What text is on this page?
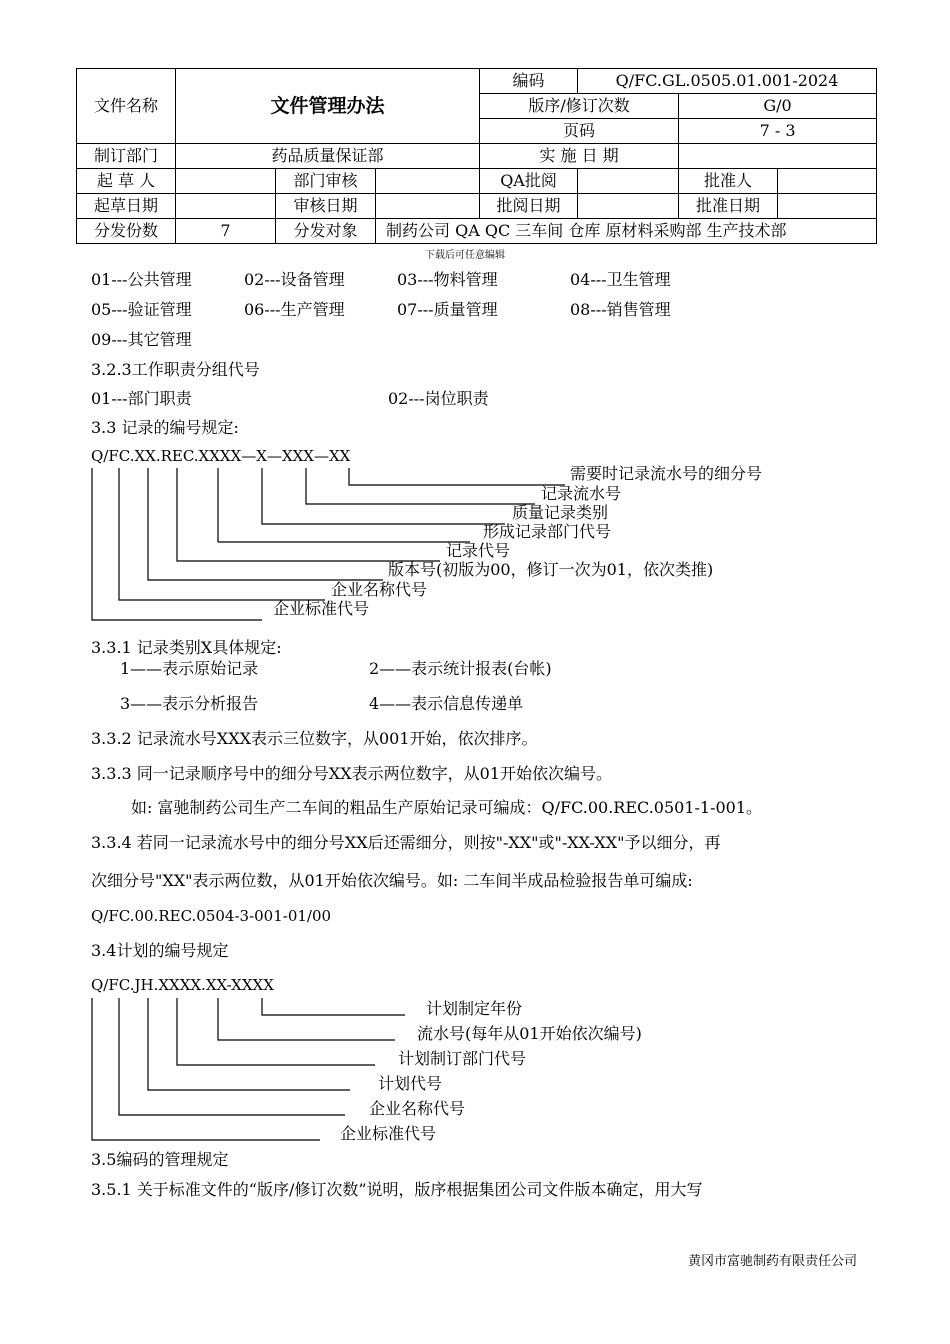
文件名称	文件管理办法			编码	Q/FC.GL.0505.01.001-2024		
				版序/修订次数		G/0	
				页码		7 - 3	
制订部门	药品质量保证部			实 施 日 期			
起 草 人		部门审核		QA批阅		批准人	
起草日期		审核日期		批阅日期		批准日期	
分发份数	7	分发对象	制药公司 QA QC 三车间 仓库 原材料采购部 生产技术部				
下载后可任意编辑
01---公共管理	02---设备管理	03---物料管理	04---卫生管理
05---验证管理	06---生产管理	07---质量管理	08---销售管理
09---其它管理
3.2.3工作职责分组代号
01---部门职责	02---岗位职责
3.3 记录的编号规定:
Q/FC.XX.REC.XXXX—X—XXX—XX
需要时记录流水号的细分号
记录流水号
质量记录类别
形成记录部门代号
记录代号
版本号(初版为00，修订一次为01，依次类推)
企业名称代号
企业标准代号
3.3.1 记录类别X具体规定:
1——表示原始记录	2——表示统计报表(台帐)
3——表示分析报告	4——表示信息传递单
3.3.2 记录流水号XXX表示三位数字，从001开始，依次排序。
3.3.3 同一记录顺序号中的细分号XX表示两位数字，从01开始依次编号。
如: 富驰制药公司生产二车间的粗品生产原始记录可编成：Q/FC.00.REC.0501-1-001。
3.3.4 若同一记录流水号中的细分号XX后还需细分，则按"-XX"或"-XX-XX"予以细分，再
次细分号"XX"表示两位数，从01开始依次编号。如: 二车间半成品检验报告单可编成:
Q/FC.00.REC.0504-3-001-01/00
3.4计划的编号规定
Q/FC.JH.XXXX.XX-XXXX
计划制定年份
流水号(每年从01开始依次编号)
计划制订部门代号
计划代号
企业名称代号
企业标准代号
3.5编码的管理规定
3.5.1 关于标准文件的“版序/修订次数”说明，版序根据集团公司文件版本确定，用大写
黄冈市富驰制药有限责任公司
